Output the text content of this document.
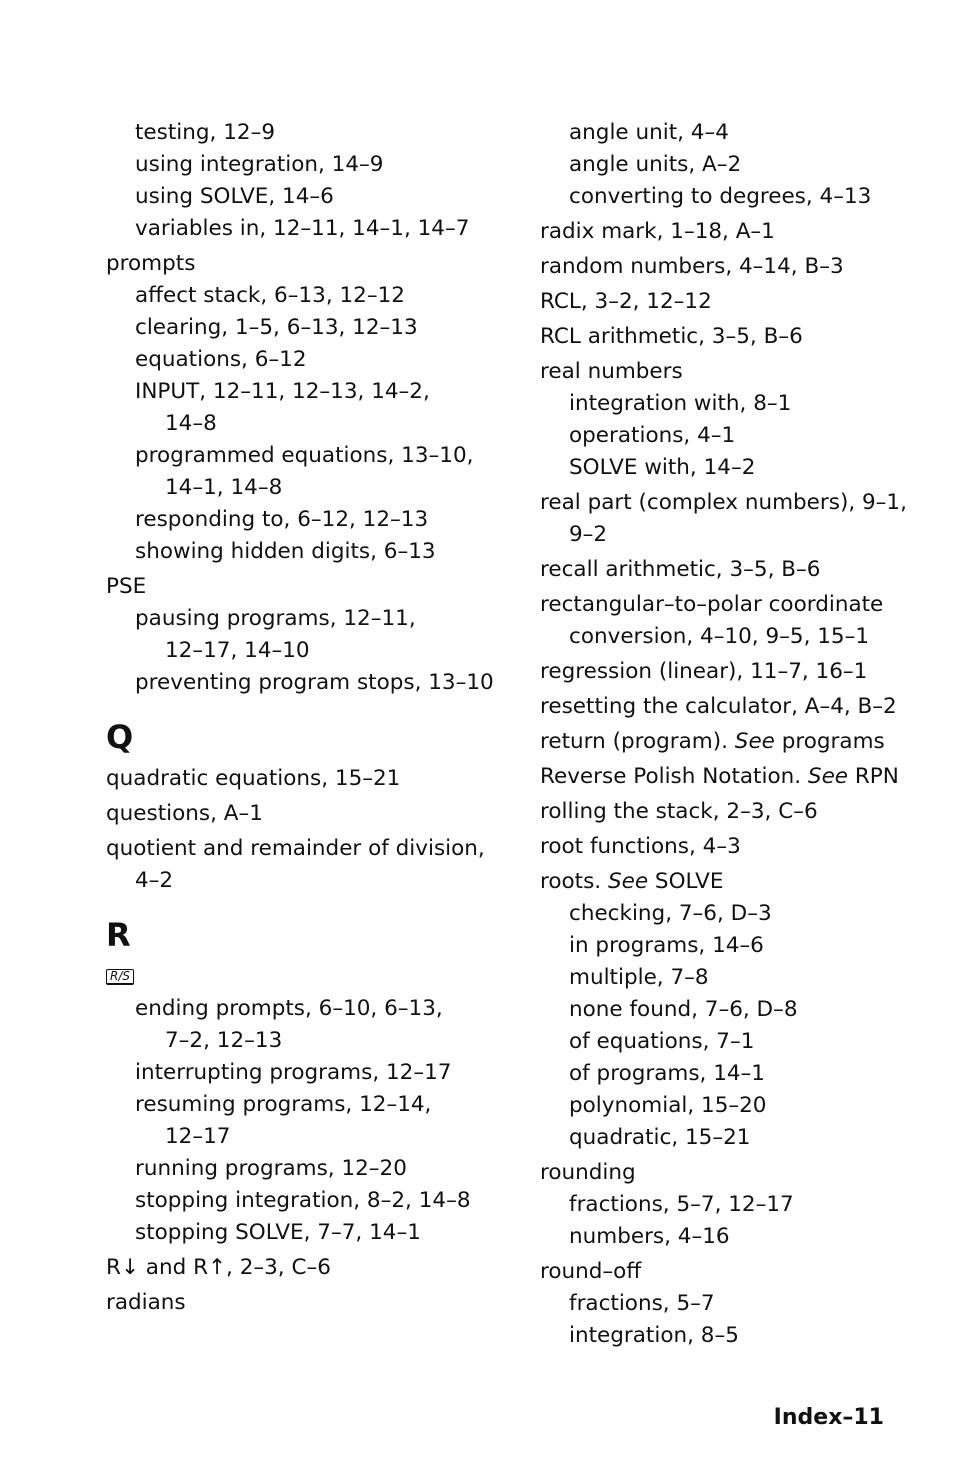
testing, 12–9
using integration, 14–9
using SOLVE, 14–6
variables in, 12–11, 14–1, 14–7
prompts
affect stack, 6–13, 12–12
clearing, 1–5, 6–13, 12–13
equations, 6–12
INPUT, 12–11, 12–13, 14–2,
14–8
programmed equations, 13–10,
14–1, 14–8
responding to, 6–12, 12–13
showing hidden digits, 6–13
PSE
pausing programs, 12–11,
12–17, 14–10
preventing program stops, 13–10
Q
quadratic equations, 15–21
questions, A–1
quotient and remainder of division,
4–2
R
R/S
ending prompts, 6–10, 6–13,
7–2, 12–13
interrupting programs, 12–17
resuming programs, 12–14,
12–17
running programs, 12–20
stopping integration, 8–2, 14–8
stopping SOLVE, 7–7, 14–1
R↓ and R↑, 2–3, C–6
radians
angle unit, 4–4
angle units, A–2
converting to degrees, 4–13
radix mark, 1–18, A–1
random numbers, 4–14, B–3
RCL, 3–2, 12–12
RCL arithmetic, 3–5, B–6
real numbers
integration with, 8–1
operations, 4–1
SOLVE with, 14–2
real part (complex numbers), 9–1,
9–2
recall arithmetic, 3–5, B–6
rectangular–to–polar coordinate
conversion, 4–10, 9–5, 15–1
regression (linear), 11–7, 16–1
resetting the calculator, A–4, B–2
return (program). See programs
Reverse Polish Notation. See RPN
rolling the stack, 2–3, C–6
root functions, 4–3
roots. See SOLVE
checking, 7–6, D–3
in programs, 14–6
multiple, 7–8
none found, 7–6, D–8
of equations, 7–1
of programs, 14–1
polynomial, 15–20
quadratic, 15–21
rounding
fractions, 5–7, 12–17
numbers, 4–16
round–off
fractions, 5–7
integration, 8–5
Index–11
